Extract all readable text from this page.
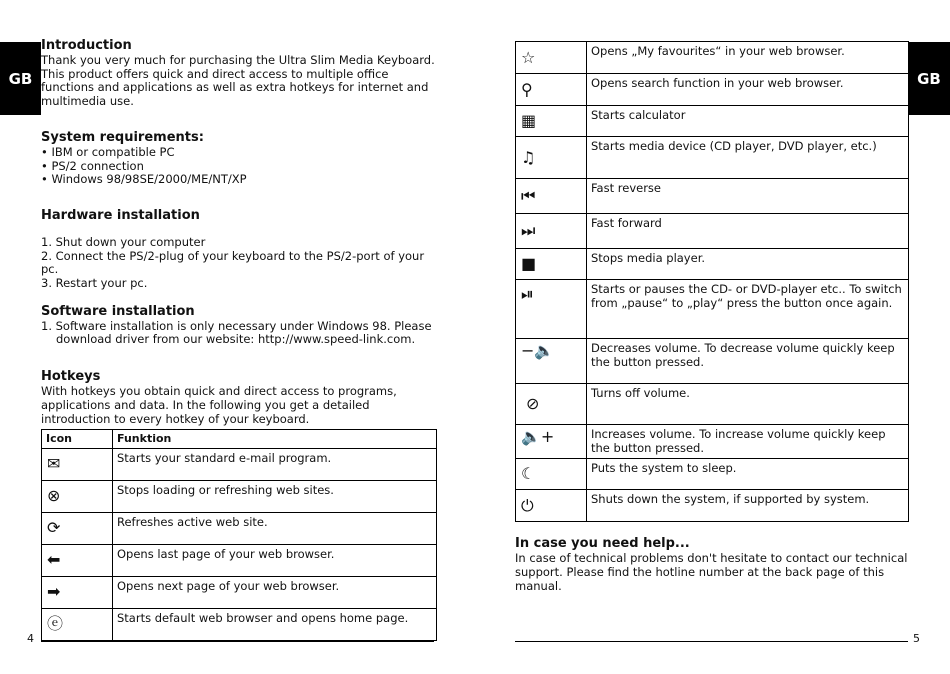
GB	GB
Introduction

Thank you very much for purchasing the Ultra Slim Media Keyboard. This product offers quick and direct access to multiple office functions and applications as well as extra hotkeys for internet and multimedia use.

System requirements:
• IBM or compatible PC
• PS/2 connection
• Windows 98/98SE/2000/ME/NT/XP
Hardware installation
1. Shut down your computer
2. Connect the PS/2-plug of your keyboard to the PS/2-port of your pc.
3. Restart your pc.
Software installation

1. Software installation is only necessary under Windows 98. Please download driver from our website: http://www.speed-link.com.

Hotkeys

With hotkeys you obtain quick and direct access to programs, applications and data. In the following you get a detailed introduction to every hotkey of your keyboard.

Icon	Funktion

✉	Starts your standard e-mail program.

⊗	Stops loading or refreshing web sites.

⟳	Refreshes active web site.

⬅	Opens last page of your web browser.

➡	Opens next page of your web browser.

ⓔ	Starts default web browser and opens home page.
☆	Opens „My favourites“ in your web browser.

⚲	Opens search function in your web browser.

▦	Starts calculator

♫	Starts media device (CD player, DVD player, etc.)

⏮	Fast reverse

⏭	Fast forward

■	Stops media player.

⏯	Starts or pauses the CD- or DVD-player etc.. To switch from „pause“ to „play“ press the button once again.

−🔈	Decreases volume. To decrease volume quickly keep the button pressed.

⊘	Turns off volume.

🔈+	Increases volume. To increase volume quickly keep the button pressed.

☾	Puts the system to sleep.

⏻	Shuts down the system, if supported by system.
In case you need help...

In case of technical problems don't hesitate to contact our technical support. Please find the hotline number at the back page of this manual.

4	5
